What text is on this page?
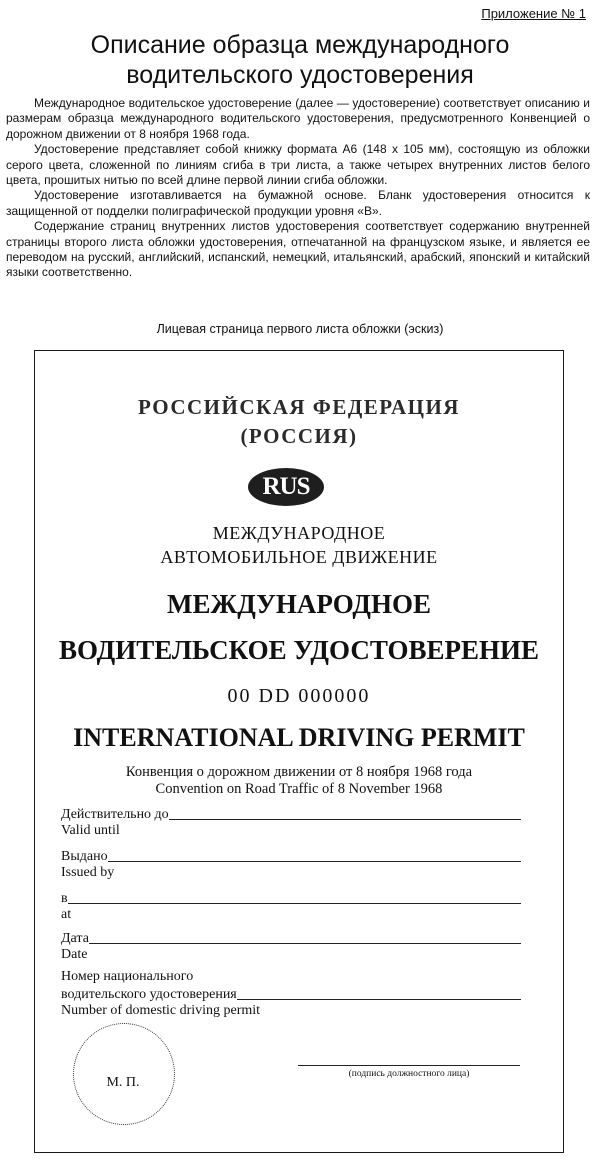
Приложение № 1
Описание образца международного
водительского удостоверения

Международное водительское удостоверение (далее — удостоверение) соответствует описанию и размерам образца международного водительского удостоверения, предусмотренного Конвенцией о дорожном движении от 8 ноября 1968 года.

Удостоверение представляет собой книжку формата А6 (148 х 105 мм), состоящую из обложки серого цвета, сложенной по линиям сгиба в три листа, а также четырех внутренних листов белого цвета, прошитых нитью по всей длине первой линии сгиба обложки.

Удостоверение изготавливается на бумажной основе. Бланк удостоверения относится к защищенной от подделки полиграфической продукции уровня «В».

Содержание страниц внутренних листов удостоверения соответствует содержанию внутренней страницы второго листа обложки удостоверения, отпечатанной на французском языке, и является ее переводом на русский, английский, испанский, немецкий, итальянский, арабский, японский и китайский языки соответственно.

Лицевая страница первого листа обложки (эскиз)
РОССИЙСКАЯ ФЕДЕРАЦИЯ
(РОССИЯ)
RUS
МЕЖДУНАРОДНОЕ
АВТОМОБИЛЬНОЕ ДВИЖЕНИЕ
МЕЖДУНАРОДНОЕ
ВОДИТЕЛЬСКОЕ УДОСТОВЕРЕНИЕ
00 DD 000000
INTERNATIONAL DRIVING PERMIT
Конвенция о дорожном движении от 8 ноября 1968 года
Convention on Road Traffic of 8 November 1968
Действительно до
Valid until
Выдано
Issued by
в
at
Дата
Date
Номер национального
водительского удостоверения
Number of domestic driving permit
М. П.
(подпись должностного лица)
